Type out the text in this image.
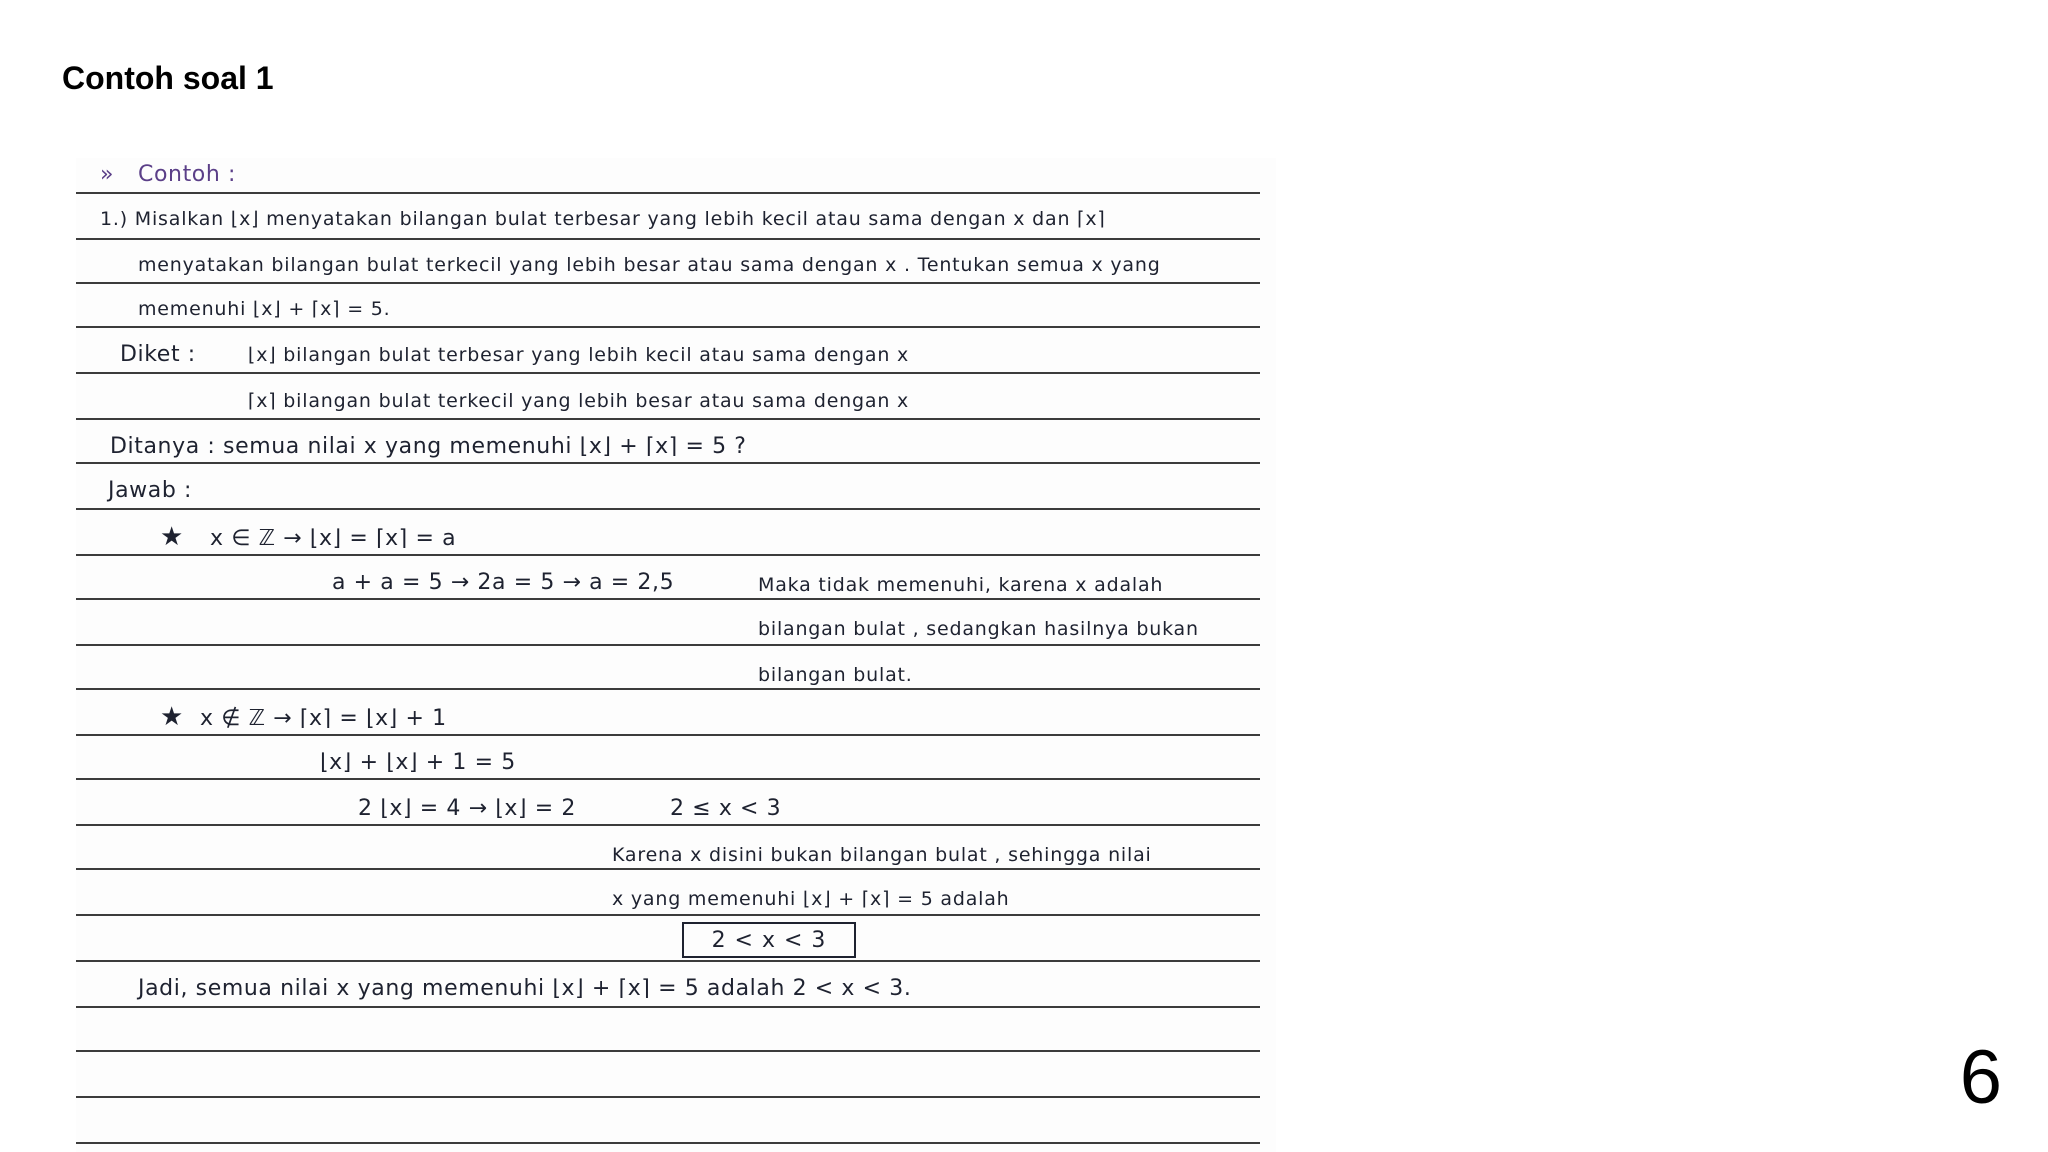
Contoh soal 1
» Contoh :
1.) Misalkan ⌊x⌋ menyatakan bilangan bulat terbesar yang lebih kecil atau sama dengan x dan ⌈x⌉
menyatakan bilangan bulat terkecil yang lebih besar atau sama dengan x . Tentukan semua x yang
memenuhi ⌊x⌋ + ⌈x⌉ = 5.
Diket :	⌊x⌋ bilangan bulat terbesar yang lebih kecil atau sama dengan x
⌈x⌉ bilangan bulat terkecil yang lebih besar atau sama dengan x
Ditanya : semua nilai x yang memenuhi ⌊x⌋ + ⌈x⌉ = 5 ?
Jawab :
★ x ∈ ℤ → ⌊x⌋ = ⌈x⌉ = a
a + a = 5 → 2a = 5 → a = 2,5	Maka tidak memenuhi, karena x adalah
bilangan bulat , sedangkan hasilnya bukan
bilangan bulat.
★ x ∉ ℤ → ⌈x⌉ = ⌊x⌋ + 1
⌊x⌋ + ⌊x⌋ + 1 = 5
2 ⌊x⌋ = 4 → ⌊x⌋ = 2	2 ≤ x < 3
Karena x disini bukan bilangan bulat , sehingga nilai
x yang memenuhi ⌊x⌋ + ⌈x⌉ = 5 adalah
2 < x < 3
Jadi, semua nilai x yang memenuhi ⌊x⌋ + ⌈x⌉ = 5 adalah 2 < x < 3.
6
